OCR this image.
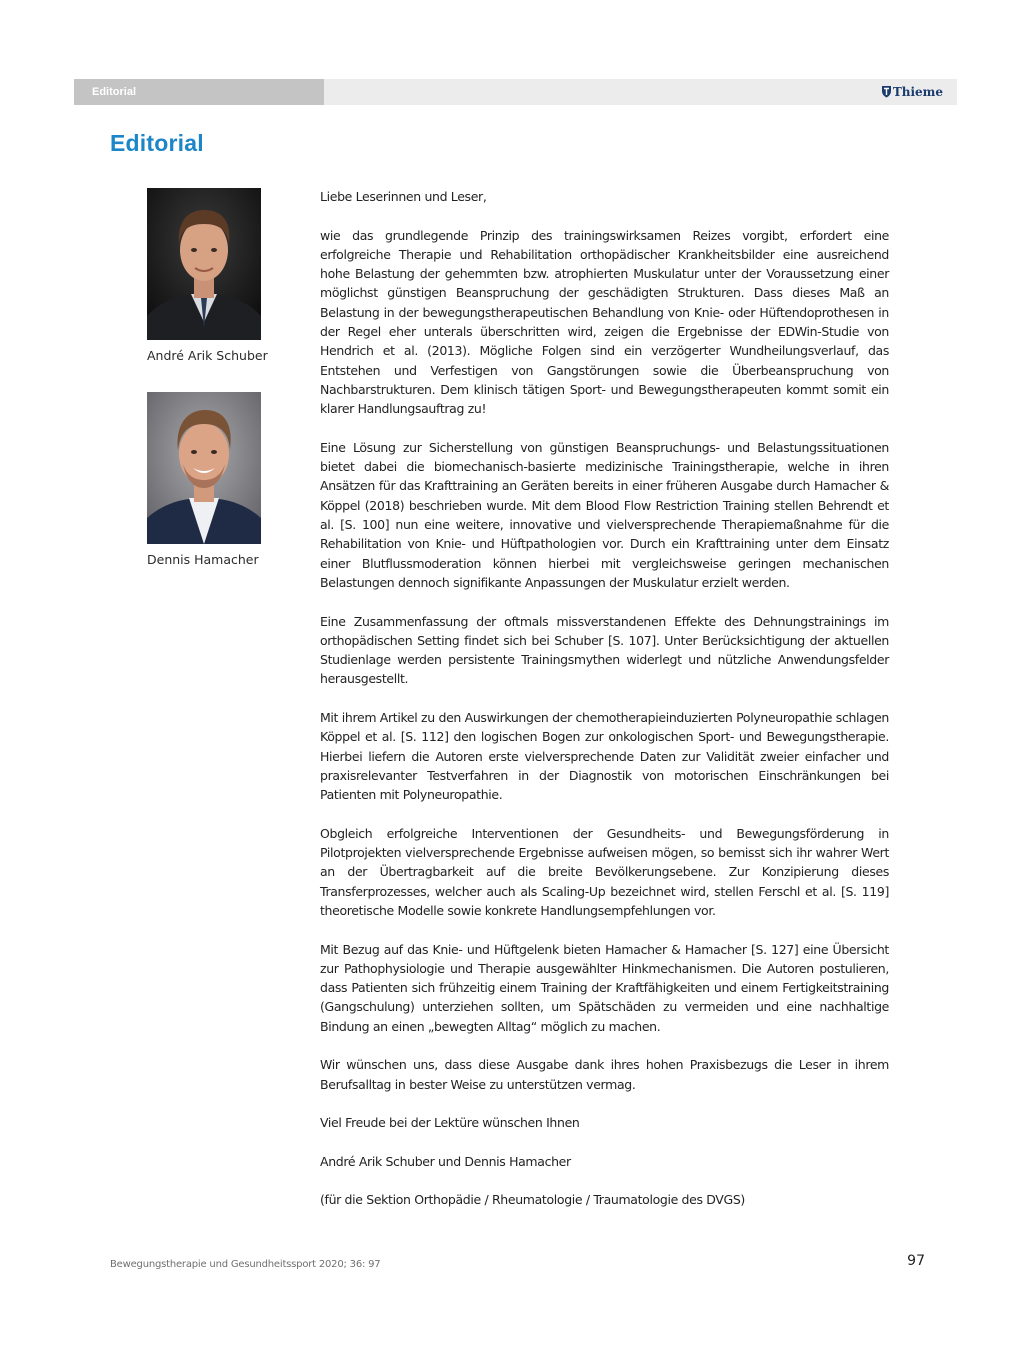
Editorial	Thieme
Editorial
André Arik Schuber
Dennis Hamacher

Liebe Leserinnen und Leser,

wie das grundlegende Prinzip des trainingswirksamen Reizes vorgibt, erfordert eine erfolgreiche Therapie und Rehabilitation orthopädischer Krankheitsbilder eine ausreichend hohe Belastung der gehemmten bzw. atrophierten Muskulatur unter der Voraussetzung einer möglichst günstigen Beanspruchung der geschädigten Strukturen. Dass dieses Maß an Belastung in der bewegungstherapeutischen Behandlung von Knie- oder Hüftendoprothesen in der Regel eher unterals überschritten wird, zeigen die Ergebnisse der EDWin-Studie von Hendrich et al. (2013). Mögliche Folgen sind ein verzögerter Wundheilungsverlauf, das Entstehen und Verfestigen von Gangstörungen sowie die Überbeanspruchung von Nachbarstrukturen. Dem klinisch tätigen Sport- und Bewegungstherapeuten kommt somit ein klarer Handlungsauftrag zu!

Eine Lösung zur Sicherstellung von günstigen Beanspruchungs- und Belastungssituationen bietet dabei die biomechanisch-basierte medizinische Trainingstherapie, welche in ihren Ansätzen für das Krafttraining an Geräten bereits in einer früheren Ausgabe durch Hamacher & Köppel (2018) beschrieben wurde. Mit dem Blood Flow Restriction Training stellen Behrendt et al. [S. 100] nun eine weitere, innovative und vielversprechende Therapiemaßnahme für die Rehabilitation von Knie- und Hüftpathologien vor. Durch ein Krafttraining unter dem Einsatz einer Blutflussmoderation können hierbei mit vergleichsweise geringen mechanischen Belastungen dennoch signifikante Anpassungen der Muskulatur erzielt werden.

Eine Zusammenfassung der oftmals missverstandenen Effekte des Dehnungstrainings im orthopädischen Setting findet sich bei Schuber [S. 107]. Unter Berücksichtigung der aktuellen Studienlage werden persistente Trainingsmythen widerlegt und nützliche Anwendungsfelder herausgestellt.

Mit ihrem Artikel zu den Auswirkungen der chemotherapieinduzierten Polyneuropathie schlagen Köppel et al. [S. 112] den logischen Bogen zur onkologischen Sport- und Bewegungstherapie. Hierbei liefern die Autoren erste vielversprechende Daten zur Validität zweier einfacher und praxisrelevanter Testverfahren in der Diagnostik von motorischen Einschränkungen bei Patienten mit Polyneuropathie.

Obgleich erfolgreiche Interventionen der Gesundheits- und Bewegungsförderung in Pilotprojekten vielversprechende Ergebnisse aufweisen mögen, so bemisst sich ihr wahrer Wert an der Übertragbarkeit auf die breite Bevölkerungsebene. Zur Konzipierung dieses Transferprozesses, welcher auch als Scaling-Up bezeichnet wird, stellen Ferschl et al. [S. 119] theoretische Modelle sowie konkrete Handlungsempfehlungen vor.

Mit Bezug auf das Knie- und Hüftgelenk bieten Hamacher & Hamacher [S. 127] eine Übersicht zur Pathophysiologie und Therapie ausgewählter Hinkmechanismen. Die Autoren postulieren, dass Patienten sich frühzeitig einem Training der Kraftfähigkeiten und einem Fertigkeitstraining (Gangschulung) unterziehen sollten, um Spätschäden zu vermeiden und eine nachhaltige Bindung an einen „bewegten Alltag“ möglich zu machen.

Wir wünschen uns, dass diese Ausgabe dank ihres hohen Praxisbezugs die Leser in ihrem Berufsalltag in bester Weise zu unterstützen vermag.

Viel Freude bei der Lektüre wünschen Ihnen

André Arik Schuber und Dennis Hamacher

(für die Sektion Orthopädie / Rheumatologie / Traumatologie des DVGS)

Bewegungstherapie und Gesundheitssport 2020; 36: 97	97
